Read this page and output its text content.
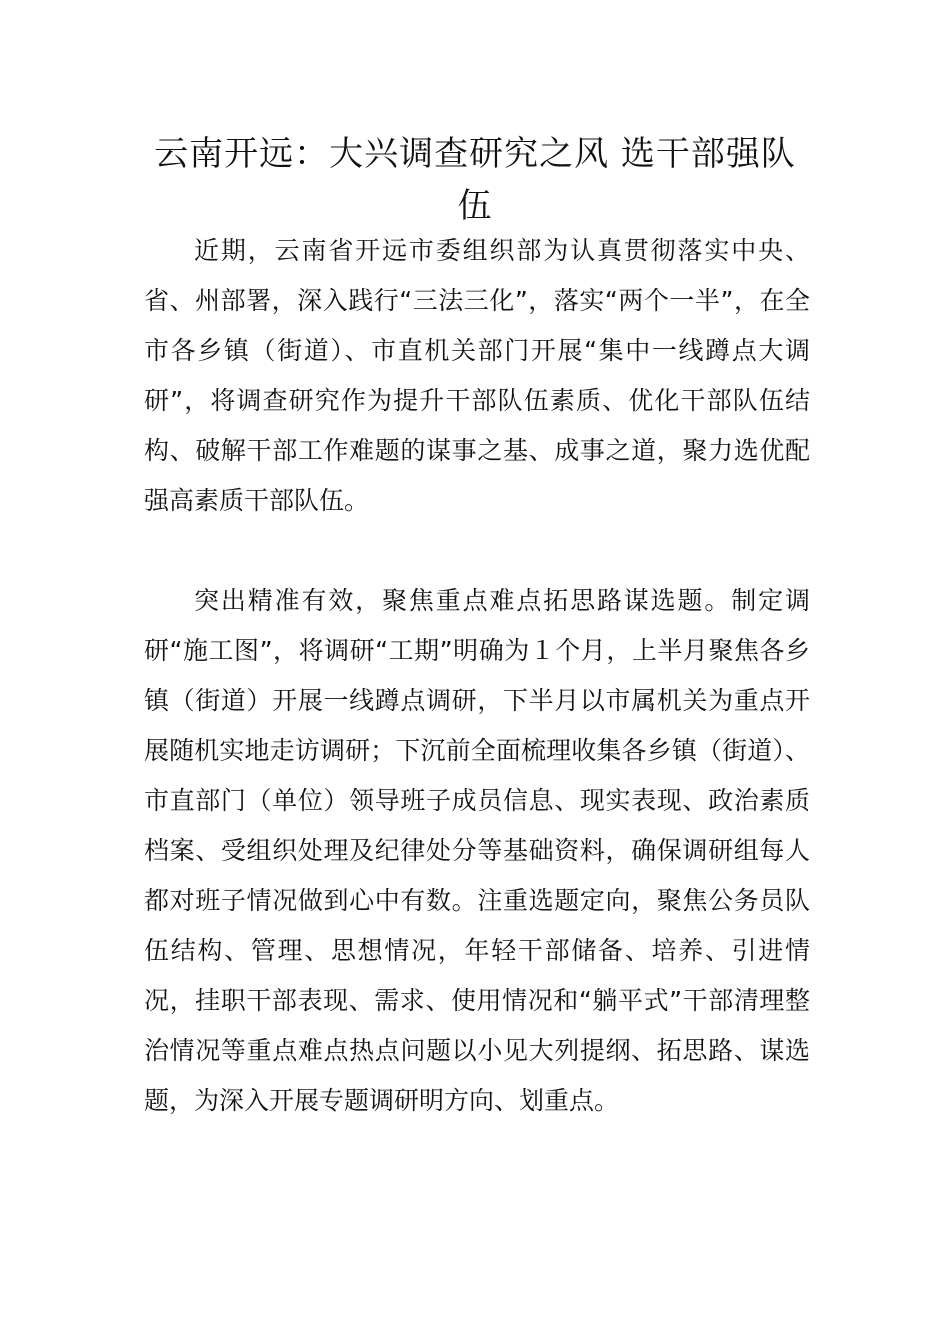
云南开远：大兴调查研究之风 选干部强队伍

近期，云南省开远市委组织部为认真贯彻落实中央、省、州部署，深入践行“三法三化”，落实“两个一半”，在全市各乡镇（街道）、市直机关部门开展“集中一线蹲点大调研”，将调查研究作为提升干部队伍素质、优化干部队伍结构、破解干部工作难题的谋事之基、成事之道，聚力选优配强高素质干部队伍。

突出精准有效，聚焦重点难点拓思路谋选题。制定调研“施工图”，将调研“工期”明确为１个月，上半月聚焦各乡镇（街道）开展一线蹲点调研，下半月以市属机关为重点开展随机实地走访调研；下沉前全面梳理收集各乡镇（街道）、市直部门（单位）领导班子成员信息、现实表现、政治素质档案、受组织处理及纪律处分等基础资料，确保调研组每人都对班子情况做到心中有数。注重选题定向，聚焦公务员队伍结构、管理、思想情况，年轻干部储备、培养、引进情况，挂职干部表现、需求、使用情况和“躺平式”干部清理整治情况等重点难点热点问题以小见大列提纲、拓思路、谋选题，为深入开展专题调研明方向、划重点。
